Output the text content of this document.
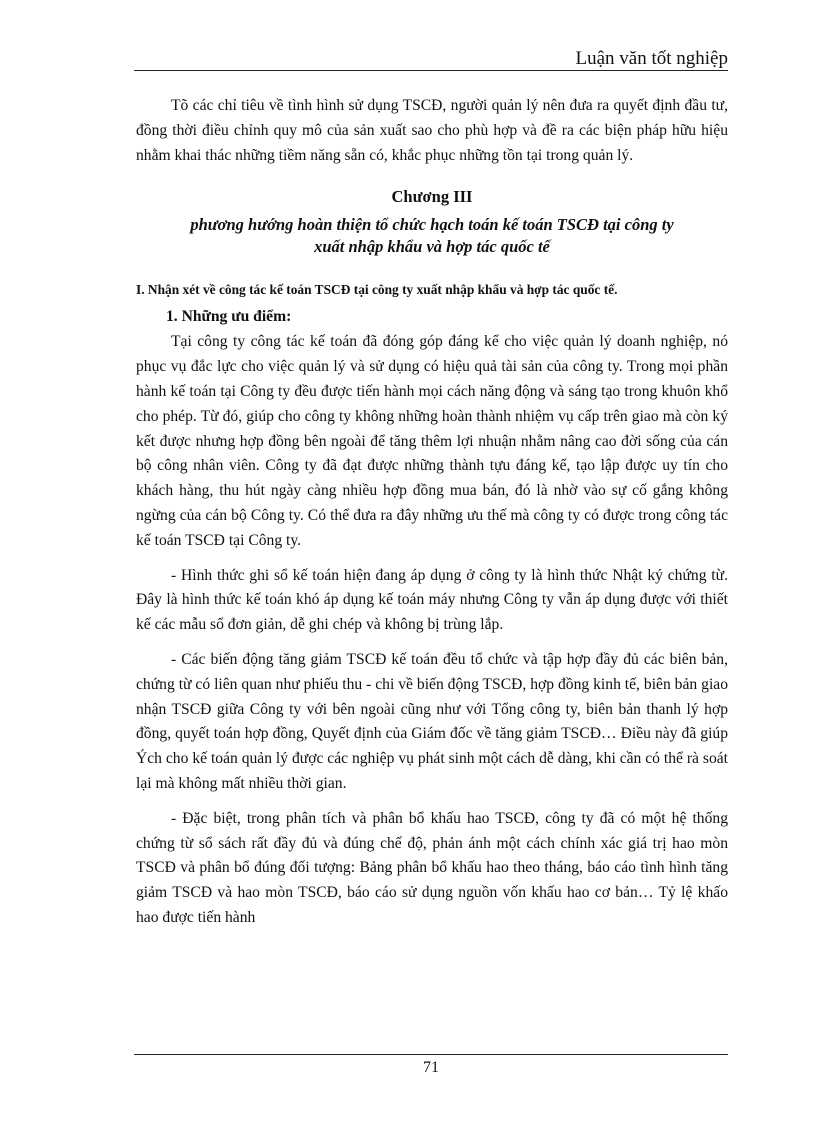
Luận văn tốt nghiệp

Tõ các chỉ tiêu về tình hình sử dụng TSCĐ, người quản lý nên đưa ra quyết định đầu tư, đồng thời điều chỉnh quy mô của sản xuất sao cho phù hợp và đề ra các biện pháp hữu hiệu nhằm khai thác những tiềm năng sẵn có, khắc phục những tồn tại trong quản lý.

Chương III
phương hướng hoàn thiện tổ chức hạch toán kế toán TSCĐ tại công ty
xuất nhập khẩu và hợp tác quốc tế
I. Nhận xét về công tác kế toán TSCĐ tại công ty xuất nhập khẩu và hợp tác quốc tế.
1. Những ưu điểm:

Tại công ty công tác kế toán đã đóng góp đáng kể cho việc quản lý doanh nghiệp, nó phục vụ đắc lực cho việc quản lý và sử dụng có hiệu quả tài sản của công ty. Trong mọi phần hành kế toán tại Công ty đều được tiến hành mọi cách năng động và sáng tạo trong khuôn khổ cho phép. Từ đó, giúp cho công ty không những hoàn thành nhiệm vụ cấp trên giao mà còn ký kết được nhưng hợp đồng bên ngoài để tăng thêm lợi nhuận nhằm nâng cao đời sống của cán bộ công nhân viên. Công ty đã đạt được những thành tựu đáng kể, tạo lập được uy tín cho khách hàng, thu hút ngày càng nhiều hợp đồng mua bán, đó là nhờ vào sự cố gắng không ngừng của cán bộ Công ty. Có thể đưa ra đây những ưu thế mà công ty có được trong công tác kế toán TSCĐ tại Công ty.

- Hình thức ghi sổ kế toán hiện đang áp dụng ở công ty là hình thức Nhật ký chứng từ. Đây là hình thức kế toán khó áp dụng kế toán máy nhưng Công ty vẫn áp dụng được với thiết kế các mẫu sổ đơn giản, dễ ghi chép và không bị trùng lắp.

- Các biến động tăng giảm TSCĐ kế toán đều tổ chức và tập hợp đầy đủ các biên bản, chứng từ có liên quan như phiếu thu - chi về biến động TSCĐ, hợp đồng kinh tế, biên bản giao nhận TSCĐ giữa Công ty với bên ngoài cũng như với Tổng công ty, biên bản thanh lý hợp đồng, quyết toán hợp đồng, Quyết định của Giám đốc về tăng giảm TSCĐ… Điều này đã giúp Ých cho kế toán quản lý được các nghiệp vụ phát sinh một cách dễ dàng, khi cần có thể rà soát lại mà không mất nhiều thời gian.

- Đặc biệt, trong phân tích và phân bổ khấu hao TSCĐ, công ty đã có một hệ thống chứng từ sổ sách rất đầy đủ và đúng chế độ, phản ánh một cách chính xác giá trị hao mòn TSCĐ và phân bổ đúng đối tượng: Bảng phân bổ khấu hao theo tháng, báo cáo tình hình tăng giảm TSCĐ và hao mòn TSCĐ, báo cáo sử dụng nguồn vốn khấu hao cơ bản… Tỷ lệ khấo hao được tiến hành

71
